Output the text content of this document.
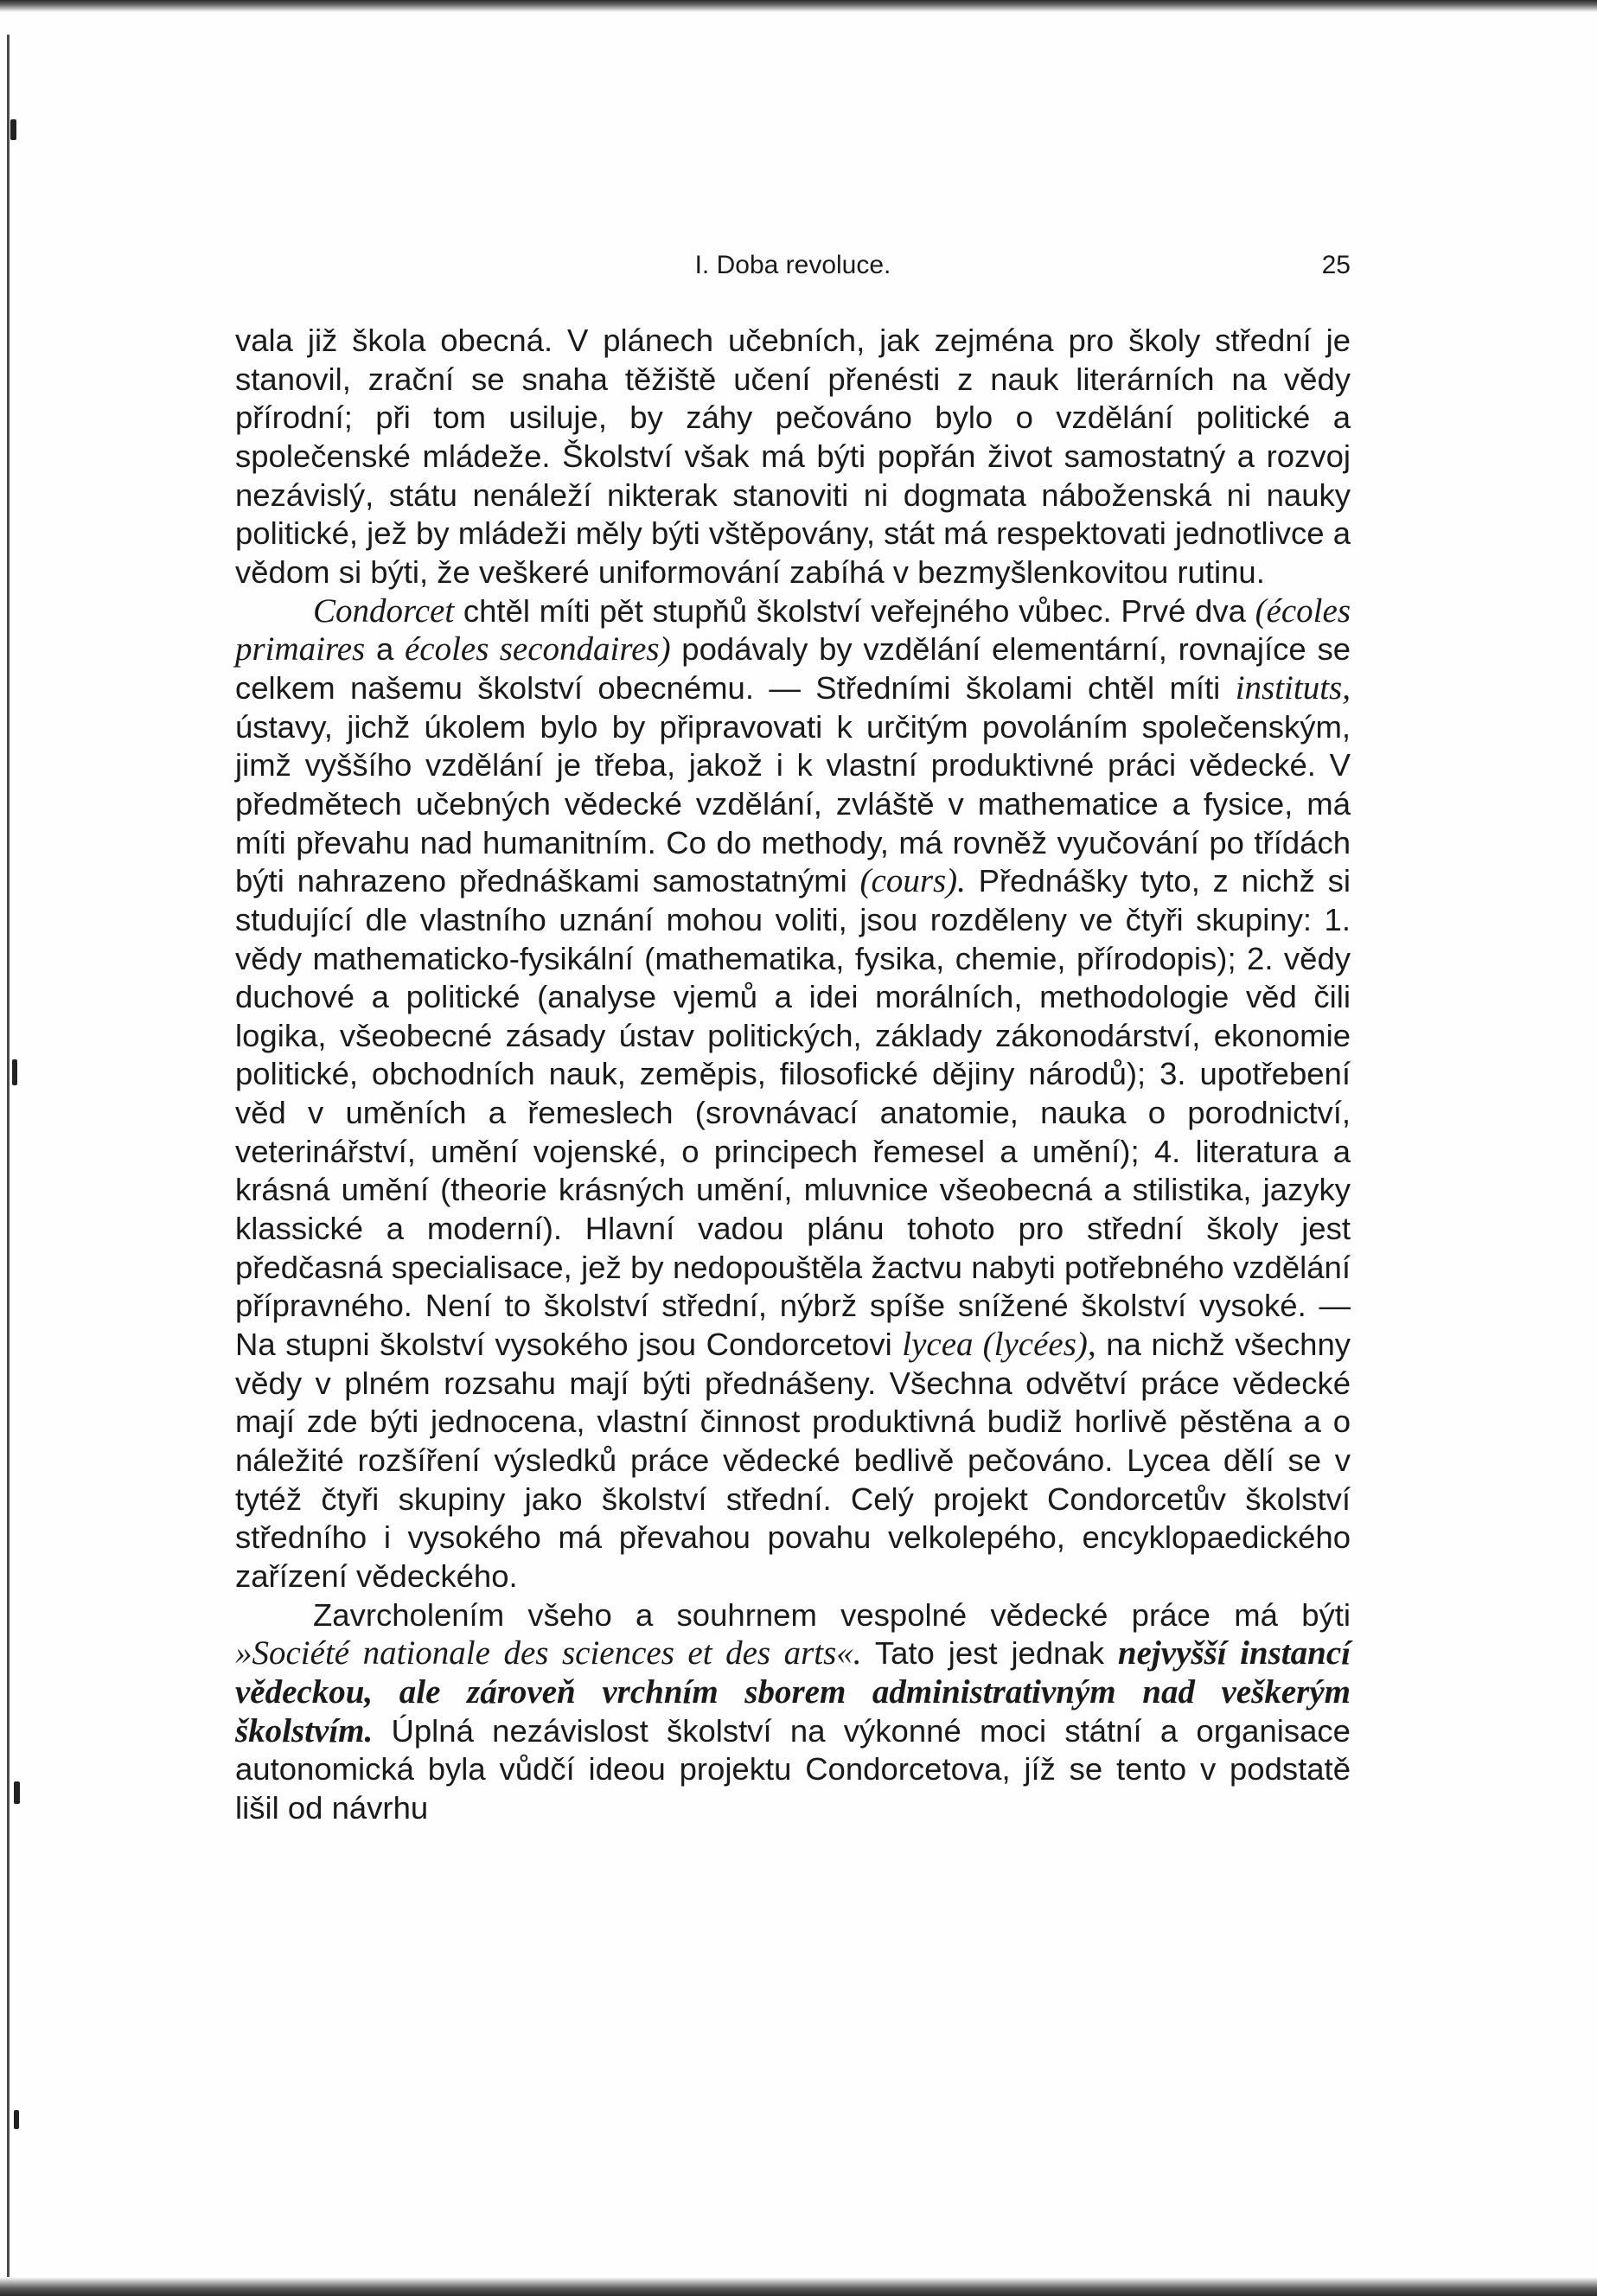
I. Doba revoluce.	25

vala již škola obecná. V plánech učebních, jak zejména pro školy střední je stanovil, zrační se snaha těžiště učení přenésti z nauk literárních na vědy přírodní; při tom usiluje, by záhy pečováno bylo o vzdělání politické a společenské mládeže. Školství však má býti popřán život samostatný a rozvoj nezávislý, státu nenáleží nikterak stanoviti ni dogmata náboženská ni nauky politické, jež by mládeži měly býti vštěpovány, stát má respektovati jednotlivce a vědom si býti, že veškeré uniformování zabíhá v bezmyšlenkovitou rutinu.

Condorcet chtěl míti pět stupňů školství veřejného vůbec. Prvé dva (écoles primaires a écoles secondaires) podávaly by vzdělání elementární, rovnajíce se celkem našemu školství obecnému. — Středními školami chtěl míti instituts, ústavy, jichž úkolem bylo by připravovati k určitým povoláním společenským, jimž vyššího vzdělání je třeba, jakož i k vlastní produktivné práci vědecké. V předmětech učebných vědecké vzdělání, zvláště v mathematice a fysice, má míti převahu nad humanitním. Co do methody, má rovněž vyučování po třídách býti nahrazeno přednáškami samostatnými (cours). Přednášky tyto, z nichž si studující dle vlastního uznání mohou voliti, jsou rozděleny ve čtyři skupiny: 1. vědy mathematicko-fysikální (mathematika, fysika, chemie, přírodopis); 2. vědy duchové a politické (analyse vjemů a idei morálních, methodologie věd čili logika, všeobecné zásady ústav politických, základy zákonodárství, ekonomie politické, obchodních nauk, zeměpis, filosofické dějiny národů); 3. upotřebení věd v uměních a řemeslech (srovnávací anatomie, nauka o porodnictví, veterinářství, umění vojenské, o principech řemesel a umění); 4. literatura a krásná umění (theorie krásných umění, mluvnice všeobecná a stilistika, jazyky klassické a moderní). Hlavní vadou plánu tohoto pro střední školy jest předčasná specialisace, jež by nedopouštěla žactvu nabyti potřebného vzdělání přípravného. Není to školství střední, nýbrž spíše snížené školství vysoké. — Na stupni školství vysokého jsou Condorcetovi lycea (lycées), na nichž všechny vědy v plném rozsahu mají býti přednášeny. Všechna odvětví práce vědecké mají zde býti jednocena, vlastní činnost produktivná budiž horlivě pěstěna a o náležité rozšíření výsledků práce vědecké bedlivě pečováno. Lycea dělí se v tytéž čtyři skupiny jako školství střední. Celý projekt Condorcetův školství středního i vysokého má převahou povahu velkolepého, encyklopaedického zařízení vědeckého.

Zavrcholením všeho a souhrnem vespolné vědecké práce má býti »Société nationale des sciences et des arts«. Tato jest jednak nejvyšší instancí vědeckou, ale zároveň vrchním sborem administrativným nad veškerým školstvím. Úplná nezávislost školství na výkonné moci státní a organisace autonomická byla vůdčí ideou projektu Condorcetova, jíž se tento v podstatě lišil od návrhu
